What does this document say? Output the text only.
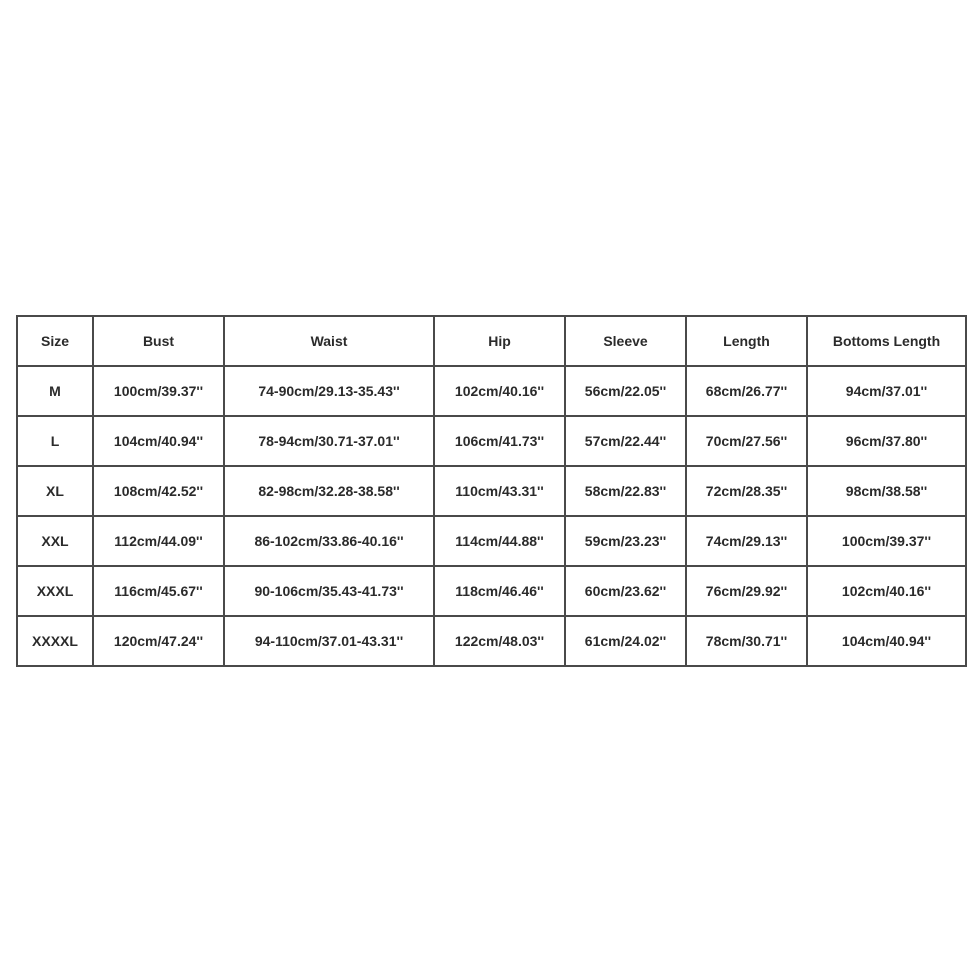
Size	Bust	Waist	Hip	Sleeve	Length	Bottoms Length
M	100cm/39.37''	74-90cm/29.13-35.43''	102cm/40.16''	56cm/22.05''	68cm/26.77''	94cm/37.01''
L	104cm/40.94''	78-94cm/30.71-37.01''	106cm/41.73''	57cm/22.44''	70cm/27.56''	96cm/37.80''
XL	108cm/42.52''	82-98cm/32.28-38.58''	110cm/43.31''	58cm/22.83''	72cm/28.35''	98cm/38.58''
XXL	112cm/44.09''	86-102cm/33.86-40.16''	114cm/44.88''	59cm/23.23''	74cm/29.13''	100cm/39.37''
XXXL	116cm/45.67''	90-106cm/35.43-41.73''	118cm/46.46''	60cm/23.62''	76cm/29.92''	102cm/40.16''
XXXXL	120cm/47.24''	94-110cm/37.01-43.31''	122cm/48.03''	61cm/24.02''	78cm/30.71''	104cm/40.94''
